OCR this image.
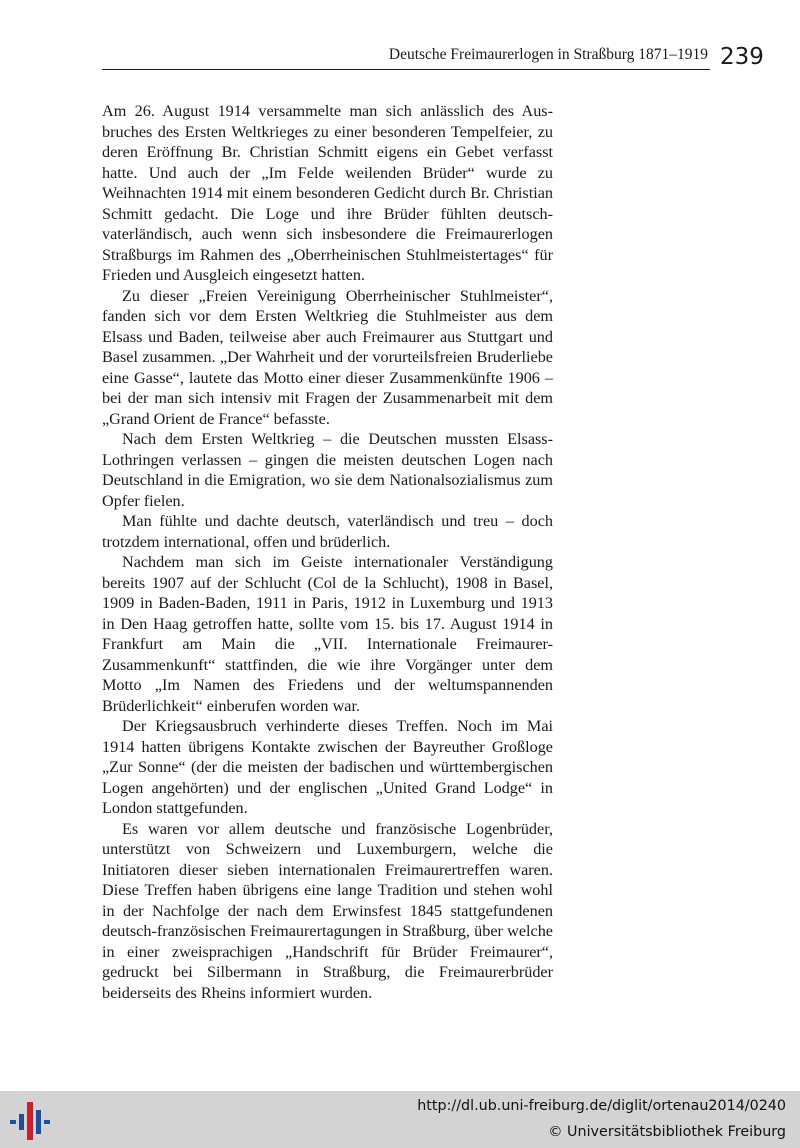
Deutsche Freimaurerlogen in Straßburg 1871–1919 239

Am 26. August 1914 versammelte man sich anlässlich des Ausbruches des Ersten Weltkrieges zu einer besonderen Tempelfeier, zu deren Eröffnung Br. Christian Schmitt eigens ein Gebet verfasst hatte. Und auch der „Im Felde weilenden Brüder“ wurde zu Weihnachten 1914 mit einem besonderen Gedicht durch Br. Christian Schmitt gedacht. Die Loge und ihre Brüder fühlten deutsch-vaterländisch, auch wenn sich insbesondere die Freimaurerlogen Straßburgs im Rahmen des „Oberrheinischen Stuhlmeistertages“ für Frieden und Ausgleich eingesetzt hatten.

Zu dieser „Freien Vereinigung Oberrheinischer Stuhlmeister“, fanden sich vor dem Ersten Weltkrieg die Stuhlmeister aus dem Elsass und Baden, teilweise aber auch Freimaurer aus Stuttgart und Basel zusammen. „Der Wahrheit und der vorurteilsfreien Bruderliebe eine Gasse“, lautete das Motto einer dieser Zusammenkünfte 1906 – bei der man sich intensiv mit Fragen der Zusammenarbeit mit dem „Grand Orient de France“ befasste.

Nach dem Ersten Weltkrieg – die Deutschen mussten Elsass-Lothringen verlassen – gingen die meisten deutschen Logen nach Deutschland in die Emigration, wo sie dem Nationalsozialismus zum Opfer fielen.

Man fühlte und dachte deutsch, vaterländisch und treu – doch trotzdem international, offen und brüderlich.

Nachdem man sich im Geiste internationaler Verständigung bereits 1907 auf der Schlucht (Col de la Schlucht), 1908 in Basel, 1909 in Baden-Baden, 1911 in Paris, 1912 in Luxemburg und 1913 in Den Haag getroffen hatte, sollte vom 15. bis 17. August 1914 in Frankfurt am Main die „VII. Internationale Freimaurer-Zusammenkunft“ stattfinden, die wie ihre Vorgänger unter dem Motto „Im Namen des Friedens und der weltumspannenden Brüderlichkeit“ einberufen worden war.

Der Kriegsausbruch verhinderte dieses Treffen. Noch im Mai 1914 hatten übrigens Kontakte zwischen der Bayreuther Großloge „Zur Sonne“ (der die meisten der badischen und württembergischen Logen angehörten) und der englischen „United Grand Lodge“ in London stattgefunden.

Es waren vor allem deutsche und französische Logenbrüder, unterstützt von Schweizern und Luxemburgern, welche die Initiatoren dieser sieben internationalen Freimaurertreffen waren. Diese Treffen haben übrigens eine lange Tradition und stehen wohl in der Nachfolge der nach dem Erwinsfest 1845 stattgefundenen deutsch-französischen Freimaurertagungen in Straßburg, über welche in einer zweisprachigen „Handschrift für Brüder Freimaurer“, gedruckt bei Silbermann in Straßburg, die Freimaurerbrüder beiderseits des Rheins informiert wurden.

http://dl.ub.uni-freiburg.de/diglit/ortenau2014/0240
© Universitätsbibliothek Freiburg
